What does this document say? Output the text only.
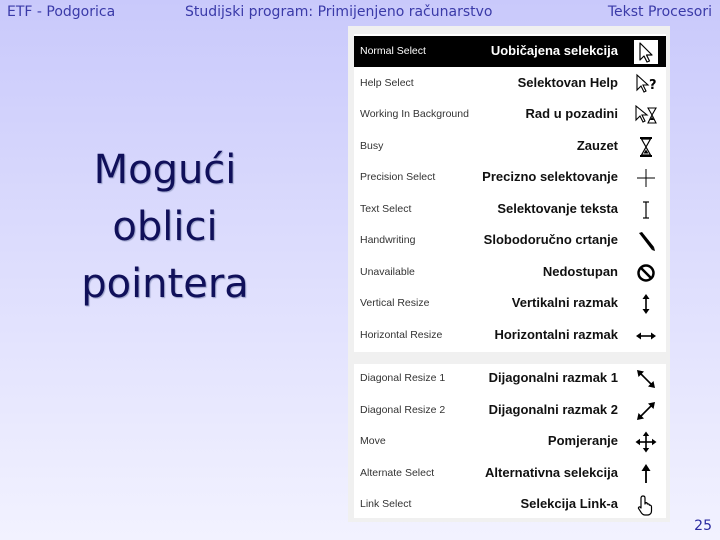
ETF - Podgorica	Studijski program: Primijenjeno računarstvo	Tekst Procesori
Mogući
oblici
pointera
Normal Select	Uobičajena selekcija
Help Select	Selektovan Help ?
Working In Background	Rad u pozadini
Busy	Zauzet
Precision Select	Precizno selektovanje
Text Select	Selektovanje teksta
Handwriting	Slobodoručno crtanje
Unavailable	Nedostupan
Vertical Resize	Vertikalni razmak
Horizontal Resize	Horizontalni razmak
Diagonal Resize 1	Dijagonalni razmak 1
Diagonal Resize 2	Dijagonalni razmak 2
Move	Pomjeranje
Alternate Select	Alternativna selekcija
Link Select	Selekcija Link-a
25
